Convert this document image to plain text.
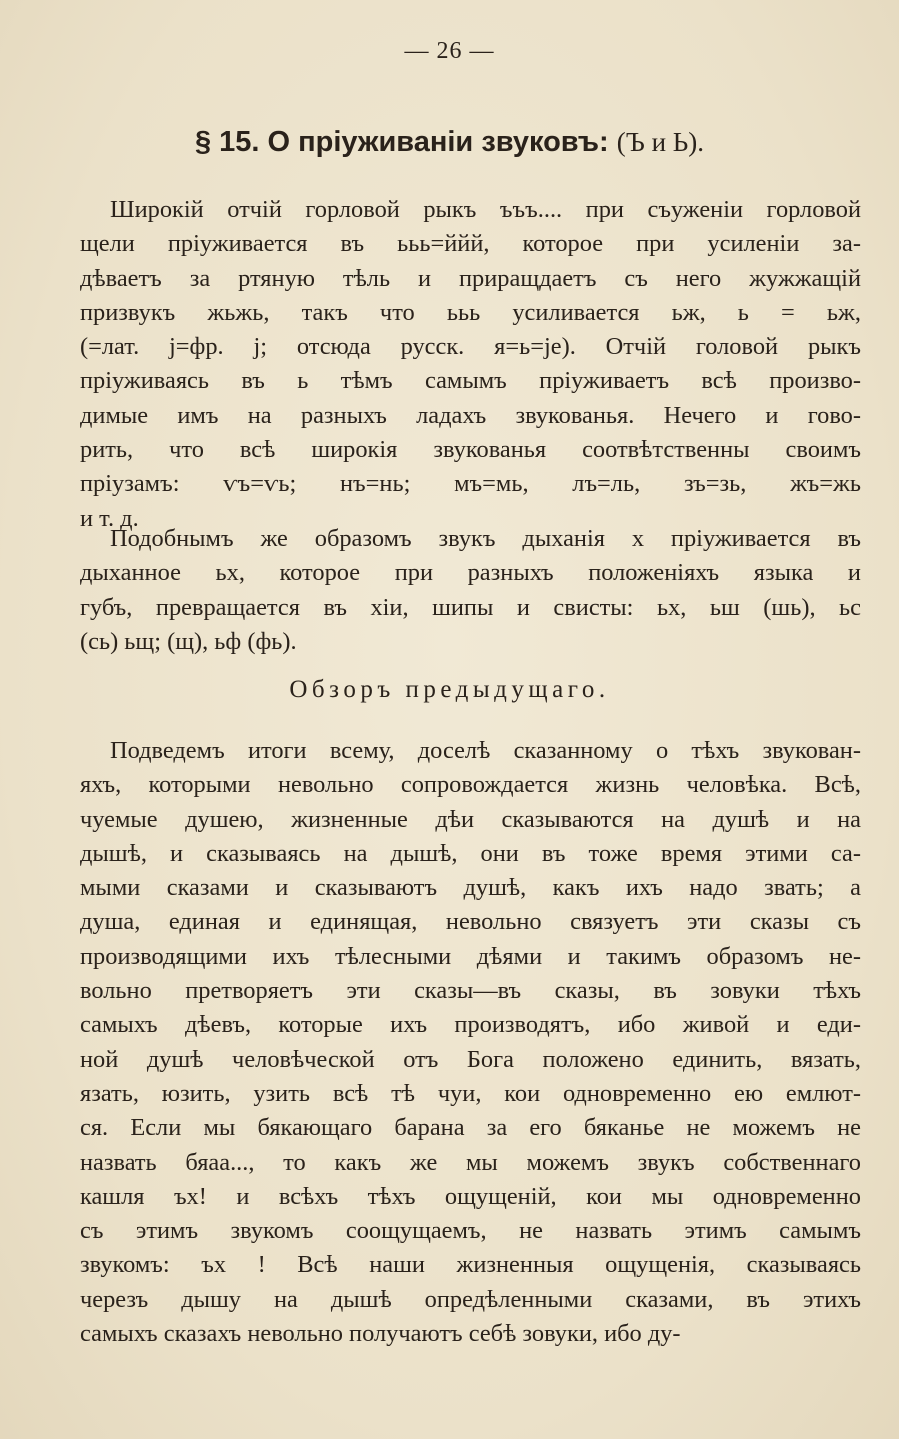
— 26 —
§ 15. О пріуживаніи звуковъ: (Ъ и Ь).
Широкій отчій горловой рыкъ ъъъ.... при съуженіи горловой
щели пріуживается въ ььь=ййй, которое при усиленіи за-
дѣваетъ за ртяную тѣль и приращдаетъ съ него жужжащій
призвукъ жьжь, такъ что ььь усиливается ьж, ь = ьж,
(=лат. j=фр. j; отсюда русск. я=ь=je). Отчій головой рыкъ
пріуживаясь въ ь тѣмъ самымъ пріуживаетъ всѣ произво-
димые имъ на разныхъ ладахъ звукованья. Нечего и гово-
рить, что всѣ широкія звукованья соотвѣтственны своимъ
пріузамъ: ѵъ=ѵь; нъ=нь; мъ=мь, лъ=ль, зъ=зь, жъ=жь
и т. д.
Подобнымъ же образомъ звукъ дыханія х пріуживается въ
дыханное ьх, которое при разныхъ положеніяхъ языка и
губъ, превращается въ хіи, шипы и свисты: ьх, ьш (шь), ьс
(сь) ьщ; (щ), ьф (фь).
Обзоръ предыдущаго.
Подведемъ итоги всему, доселѣ сказанному о тѣхъ звукован-
яхъ, которыми невольно сопровождается жизнь человѣка. Всѣ,
чуемые душею, жизненные дѣи сказываются на душѣ и на
дышѣ, и сказываясь на дышѣ, они въ тоже время этими са-
мыми сказами и сказываютъ душѣ, какъ ихъ надо звать; а
душа, единая и единящая, невольно связуетъ эти сказы съ
производящими ихъ тѣлесными дѣями и такимъ образомъ не-
вольно претворяетъ эти сказы—въ сказы, въ зовуки тѣхъ
самыхъ дѣевъ, которые ихъ производятъ, ибо живой и еди-
ной душѣ человѣческой отъ Бога положено единить, вязать,
язать, юзить, узить всѣ тѣ чуи, кои одновременно ею емлют-
ся. Если мы бякающаго барана за его бяканье не можемъ не
назвать бяаа..., то какъ же мы можемъ звукъ собственнаго
кашля ъх! и всѣхъ тѣхъ ощущеній, кои мы одновременно
съ этимъ звукомъ соощущаемъ, не назвать этимъ самымъ
звукомъ: ъх ! Всѣ наши жизненныя ощущенія, сказываясь
черезъ дышу на дышѣ опредѣленными сказами, въ этихъ
самыхъ сказахъ невольно получаютъ себѣ зовуки, ибо ду-
